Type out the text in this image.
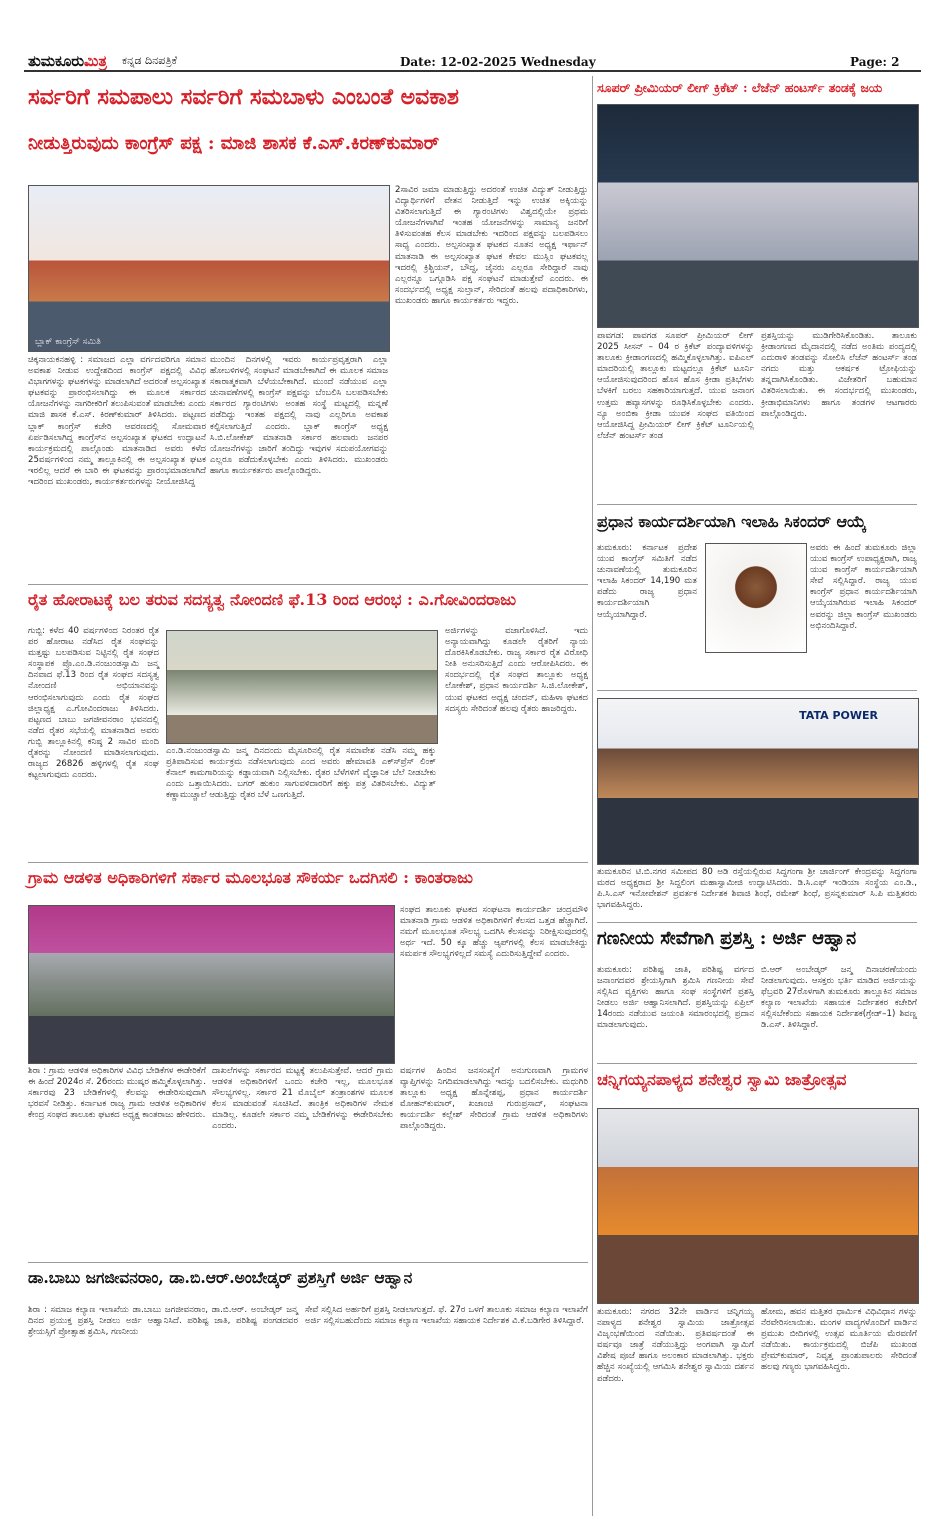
ತುಮಕೂರುಮಿತ್ರ ಕನ್ನಡ ದಿನಪತ್ರಿಕೆ	Date: 12-02-2025 Wednesday	Page: 2
ಸರ್ವರಿಗೆ ಸಮಪಾಲು ಸರ್ವರಿಗೆ ಸಮಬಾಳು ಎಂಬಂತೆ ಅವಕಾಶ
ನೀಡುತ್ತಿರುವುದು ಕಾಂಗ್ರೆಸ್ ಪಕ್ಷ : ಮಾಜಿ ಶಾಸಕ ಕೆ.ಎಸ್.ಕಿರಣ್‍ಕುಮಾರ್
ಬ್ಲಾಕ್ ಕಾಂಗ್ರೆಸ್ ಸಮಿತಿ
2ಸಾವಿರ ಜಮಾ ಮಾಡುತ್ತಿದ್ದು ಅದರಂತೆ ಉಚಿತ ವಿದ್ಯುತ್ ನೀಡುತ್ತಿದ್ದು ವಿದ್ಯಾರ್ಥಿಗಳಿಗೆ ವೇತನ ನೀಡುತ್ತಿದೆ ಇನ್ನು ಉಚಿತ ಅಕ್ಕಿಯನ್ನು ವಿತರಿಸಲಾಗುತ್ತಿದೆ ಈ ಗ್ಯಾರಂಟಿಗಳು ವಿಶ್ವದಲ್ಲಿಯೇ ಪ್ರಥಮ ಯೋಜನೆಗಳಾಗಿವೆ ಇಂತಹ ಯೋಜನೆಗಳನ್ನು ಸಾಮಾನ್ಯ ಜನರಿಗೆ ತಿಳಿಸುವಂತಹ ಕೆಲಸ ಮಾಡಬೇಕು ಇದರಿಂದ ಪಕ್ಷವನ್ನು ಬಲಪಡಿಸಲು ಸಾಧ್ಯ ಎಂದರು. ಅಲ್ಪಸಂಖ್ಯಾತ ಘಟಕದ ನೂತನ ಅಧ್ಯಕ್ಷ ಇರ್ಫಾನ್ ಮಾತನಾಡಿ ಈ ಅಲ್ಪಸಂಖ್ಯಾತ ಘಟಕ ಕೇವಲ ಮುಸ್ಲಿಂ ಘಟಕವಲ್ಲ ಇದರಲ್ಲಿ ಕ್ರಿಶ್ಚಿಯನ್, ಬೌದ್ಧ, ಜೈನರು ಎಲ್ಲರೂ ಸೇರಿದ್ದಾರೆ ನಾವು ಎಲ್ಲರನ್ನೂ ಒಗ್ಗೂಡಿಸಿ ಪಕ್ಷ ಸಂಘಟನೆ ಮಾಡುತ್ತೇವೆ ಎಂದರು. ಈ ಸಂದರ್ಭದಲ್ಲಿ ಅಧ್ಯಕ್ಷ ಸುಲ್ತಾನ್, ಸೇರಿದಂತೆ ಹಲವು ಪದಾಧಿಕಾರಿಗಳು, ಮುಖಂಡರು ಹಾಗೂ ಕಾರ್ಯಕರ್ತರು ಇದ್ದರು.
ಚಿಕ್ಕನಾಯಕನಹಳ್ಳಿ : ಸಮಾಜದ ಎಲ್ಲಾ ವರ್ಗದವರಿಗೂ ಸಮಾನ ಅವಕಾಶ ನೀಡುವ ಉದ್ದೇಶದಿಂದ ಕಾಂಗ್ರೆಸ್ ಪಕ್ಷದಲ್ಲಿ ವಿವಿಧ ವಿಭಾಗಗಳನ್ನು ಘಟಕಗಳನ್ನು ಮಾಡಲಾಗಿದೆ ಅದರಂತೆ ಅಲ್ಪಸಂಖ್ಯಾತ ಘಟಕವನ್ನು ಪ್ರಾರಂಭಿಸಲಾಗಿದ್ದು ಈ ಮೂಲಕ ಸರ್ಕಾರದ ಯೋಜನೆಗಳನ್ನು ನಾಗರೀಕರಿಗೆ ತಲುಪಿಸುವಂತೆ ಮಾಡಬೇಕು ಎಂದು ಮಾಜಿ ಶಾಸಕ ಕೆ.ಎಸ್. ಕಿರಣ್‍ಕುಮಾರ್ ತಿಳಿಸಿದರು. ಪಟ್ಟಣದ ಬ್ಲಾಕ್ ಕಾಂಗ್ರೆಸ್ ಕಚೇರಿ ಆವರಣದಲ್ಲಿ ಸೋಮವಾರ ಏರ್ಪಡಿಸಲಾಗಿದ್ದ ಕಾಂಗ್ರೆಸ್‍ನ ಅಲ್ಪಸಂಖ್ಯಾತ ಘಟಕದ ಉದ್ಘಾಟನೆ ಕಾರ್ಯಕ್ರಮದಲ್ಲಿ ಪಾಲ್ಗೊಂಡು ಮಾತನಾಡಿದ ಅವರು ಕಳೆದ 25ವರ್ಷಗಳಿಂದ ನಮ್ಮ ತಾಲ್ಲೂಕಿನಲ್ಲಿ ಈ ಅಲ್ಪಸಂಖ್ಯಾತ ಘಟಕ ಇರಲಿಲ್ಲ ಆದರೆ ಈ ಬಾರಿ ಈ ಘಟಕವನ್ನು ಪ್ರಾರಂಭಮಾಡಲಾಗಿದೆ ಇದರಿಂದ ಮುಖಂಡರು, ಕಾರ್ಯಕರ್ತರುಗಳನ್ನು ನೀಯೋಜಿಸಿದ್ದ
ಮುಂದಿನ ದಿನಗಳಲ್ಲಿ ಇವರು ಕಾರ್ಯಪ್ರವೃತ್ತರಾಗಿ ಎಲ್ಲಾ ಹೋಬಳಿಗಳಲ್ಲಿ ಸಂಘಟನೆ ಮಾಡಬೇಕಾಗಿದೆ ಈ ಮೂಲಕ ಸಮಾಜ ಸಕಾರಾತ್ಮಕವಾಗಿ ಬೆಳೆಯಬೇಕಾಗಿದೆ. ಮುಂದೆ ನಡೆಯುವ ಎಲ್ಲಾ ಚುನಾವಣೆಗಳಲ್ಲಿ ಕಾಂಗ್ರೆಸ್ ಪಕ್ಷವನ್ನು ಬೆಂಬಲಿಸಿ ಬಲಪಡಿಸಬೇಕು ಸರ್ಕಾರದ ಗ್ಯಾರಂಟಿಗಳು ಅಂತಹ ಸಂಸ್ಥೆ ಮಟ್ಟದಲ್ಲಿ ಮನ್ನಣೆ ಪಡೆದಿದ್ದು ಇಂತಹ ಪಕ್ಷದಲ್ಲಿ ನಾವು ಎಲ್ಲರಿಗೂ ಅವಕಾಶ ಕಲ್ಪಿಸಲಾಗುತ್ತಿದೆ ಎಂದರು. ಬ್ಲಾಕ್ ಕಾಂಗ್ರೆಸ್ ಅಧ್ಯಕ್ಷ ಸಿ.ಬಿ.ಲೋಕೇಶ್ ಮಾತನಾಡಿ ಸರ್ಕಾರ ಹಲವಾರು ಜನಪರ ಯೋಜನೆಗಳನ್ನು ಜಾರಿಗೆ ತಂದಿದ್ದು ಇವುಗಳ ಸದುಪಯೋಗವನ್ನು ಎಲ್ಲರೂ ಪಡೆದುಕೊಳ್ಳಬೇಕು ಎಂದು ತಿಳಿಸಿದರು. ಮುಖಂಡರು ಹಾಗೂ ಕಾರ್ಯಕರ್ತರು ಪಾಲ್ಗೊಂಡಿದ್ದರು.
ಸೂಪರ್ ಪ್ರೀಮಿಯರ್ ಲೀಗ್ ಕ್ರಿಕೆಟ್ : ಲೆಜೆನ್ ಹಂಟರ್ಸ್ ತಂಡಕ್ಕೆ ಜಯ
ಪಾವಗಡ: ಪಾವಗಡ ಸೂಪರ್ ಪ್ರೀಮಿಯರ್ ಲೀಗ್ 2025 ಸೀಸನ್ – 04 ರ ಕ್ರಿಕೆಟ್ ಪಂದ್ಯಾವಳಿಗಳನ್ನು ತಾಲೂಕು ಕ್ರೀಡಾಂಗಣದಲ್ಲಿ ಹಮ್ಮಿಕೊಳ್ಳಲಾಗಿತ್ತು. ಐಪಿಎಲ್ ಮಾದರಿಯಲ್ಲಿ ತಾಲ್ಲೂಕು ಮಟ್ಟದಲ್ಲೂ ಕ್ರಿಕೆಟ್ ಟೂರ್ನಿ ಆಯೋಜಿಸುವುದರಿಂದ ಹೊಸ ಹೊಸ ಕ್ರೀಡಾ ಪ್ರತಿಭೆಗಳು ಬೆಳಕಿಗೆ ಬರಲು ಸಹಕಾರಿಯಾಗುತ್ತದೆ. ಯುವ ಜನಾಂಗ ಉತ್ತಮ ಹವ್ಯಾಸಗಳನ್ನು ರೂಢಿಸಿಕೊಳ್ಳಬೇಕು ಎಂದರು. ನ್ಯೂ ಅಂಬಿಕಾ ಕ್ರೀಡಾ ಯುವಕ ಸಂಘದ ವತಿಯಿಂದ ಆಯೋಜಿಸಿದ್ದ ಪ್ರೀಮಿಯರ್ ಲೀಗ್ ಕ್ರಿಕೆಟ್ ಟೂರ್ನಿಯಲ್ಲಿ ಲೆಜೆನ್ ಹಂಟರ್ಸ್ ತಂಡ
ಪ್ರಶಸ್ತಿಯನ್ನು ಮುಡಿಗೇರಿಸಿಕೊಂಡಿತು. ತಾಲೂಕು ಕ್ರೀಡಾಂಗಣದ ಮೈದಾನದಲ್ಲಿ ನಡೆದ ಅಂತಿಮ ಪಂದ್ಯದಲ್ಲಿ ಎದುರಾಳಿ ತಂಡವನ್ನು ಸೋಲಿಸಿ ಲೆಜೆನ್ ಹಂಟರ್ಸ್ ತಂಡ ನಗದು ಮತ್ತು ಆಕರ್ಷಕ ಟ್ರೋಫಿಯನ್ನು ತನ್ನದಾಗಿಸಿಕೊಂಡಿತು. ವಿಜೇತರಿಗೆ ಬಹುಮಾನ ವಿತರಿಸಲಾಯಿತು. ಈ ಸಂದರ್ಭದಲ್ಲಿ ಮುಖಂಡರು, ಕ್ರೀಡಾಭಿಮಾನಿಗಳು ಹಾಗೂ ತಂಡಗಳ ಆಟಗಾರರು ಪಾಲ್ಗೊಂಡಿದ್ದರು.
ಪ್ರಧಾನ ಕಾರ್ಯದರ್ಶಿಯಾಗಿ ಇಲಾಹಿ ಸಿಕಂದರ್ ಆಯ್ಕೆ
ತುಮಕೂರು: ಕರ್ನಾಟಕ ಪ್ರದೇಶ ಯುವ ಕಾಂಗ್ರೆಸ್ ಸಮಿತಿಗೆ ನಡೆದ ಚುನಾವಣೆಯಲ್ಲಿ ತುಮಕೂರಿನ ಇಲಾಹಿ ಸಿಕಂದರ್ 14,190 ಮತ ಪಡೆದು ರಾಜ್ಯ ಪ್ರಧಾನ ಕಾರ್ಯದರ್ಶಿಯಾಗಿ ಆಯ್ಕೆಯಾಗಿದ್ದಾರೆ.
ಅವರು ಈ ಹಿಂದೆ ತುಮಕೂರು ಜಿಲ್ಲಾ ಯುವ ಕಾಂಗ್ರೆಸ್ ಉಪಾಧ್ಯಕ್ಷರಾಗಿ, ರಾಜ್ಯ ಯುವ ಕಾಂಗ್ರೆಸ್ ಕಾರ್ಯದರ್ಶಿಯಾಗಿ ಸೇವೆ ಸಲ್ಲಿಸಿದ್ದಾರೆ. ರಾಜ್ಯ ಯುವ ಕಾಂಗ್ರೆಸ್ ಪ್ರಧಾನ ಕಾರ್ಯದರ್ಶಿಯಾಗಿ ಆಯ್ಕೆಯಾಗಿರುವ ಇಲಾಹಿ ಸಿಕಂದರ್ ಅವರನ್ನು ಜಿಲ್ಲಾ ಕಾಂಗ್ರೆಸ್ ಮುಖಂಡರು ಅಭಿನಂದಿಸಿದ್ದಾರೆ.
ರೈತ ಹೋರಾಟಕ್ಕೆ ಬಲ ತರುವ ಸದಸ್ಯತ್ವ ನೋಂದಣಿ ಫೆ.13 ರಿಂದ ಆರಂಭ : ಎ.ಗೋವಿಂದರಾಜು
ಗುಬ್ಬಿ: ಕಳೆದ 40 ವರ್ಷಗಳಿಂದ ನಿರಂತರ ರೈತ ಪರ ಹೋರಾಟ ನಡೆಸಿದ ರೈತ ಸಂಘವನ್ನು ಮತ್ತಷ್ಟು ಬಲಪಡಿಸುವ ನಿಟ್ಟಿನಲ್ಲಿ ರೈತ ಸಂಘದ ಸಂಸ್ಥಾಪಕ ಪ್ರೊ.ಎಂ.ಡಿ.ನಂಜುಂಡಸ್ವಾಮಿ ಜನ್ಮ ದಿನವಾದ ಫೆ.13 ರಿಂದ ರೈತ ಸಂಘದ ಸದಸ್ಯತ್ವ ನೋಂದಣಿ ಅಭಿಯಾನವನ್ನು ಆರಂಭಿಸಲಾಗುವುದು ಎಂದು ರೈತ ಸಂಘದ ಜಿಲ್ಲಾಧ್ಯಕ್ಷ ಎ.ಗೋವಿಂದರಾಜು ತಿಳಿಸಿದರು. ಪಟ್ಟಣದ ಬಾಬು ಜಗಜೀವನರಾಂ ಭವನದಲ್ಲಿ ನಡೆದ ರೈತರ ಸಭೆಯಲ್ಲಿ ಮಾತನಾಡಿದ ಅವರು ಗುಬ್ಬಿ ತಾಲ್ಲೂಕಿನಲ್ಲಿ ಕನಿಷ್ಠ 2 ಸಾವಿರ ಮಂದಿ ರೈತರನ್ನು ನೋಂದಣಿ ಮಾಡಿಸಲಾಗುವುದು. ರಾಜ್ಯದ 26826 ಹಳ್ಳಿಗಳಲ್ಲಿ ರೈತ ಸಂಘ ಕಟ್ಟಲಾಗುವುದು ಎಂದರು.
ಅರ್ಜಿಗಳನ್ನು ವಜಾಗೊಳಿಸಿದೆ. ಇದು ಅನ್ಯಾಯವಾಗಿದ್ದು ಕೂಡಲೇ ರೈತರಿಗೆ ನ್ಯಾಯ ದೊರಕಿಸಿಕೊಡಬೇಕು. ರಾಜ್ಯ ಸರ್ಕಾರ ರೈತ ವಿರೋಧಿ ನೀತಿ ಅನುಸರಿಸುತ್ತಿದೆ ಎಂದು ಆರೋಪಿಸಿದರು. ಈ ಸಂದರ್ಭದಲ್ಲಿ ರೈತ ಸಂಘದ ತಾಲ್ಲೂಕು ಅಧ್ಯಕ್ಷ ಲೋಕೇಶ್, ಪ್ರಧಾನ ಕಾರ್ಯದರ್ಶಿ ಸಿ.ಜಿ.ಲೋಕೇಶ್, ಯುವ ಘಟಕದ ಅಧ್ಯಕ್ಷ ಚಂದನ್, ಮಹಿಳಾ ಘಟಕದ ಸದಸ್ಯರು ಸೇರಿದಂತೆ ಹಲವು ರೈತರು ಹಾಜರಿದ್ದರು.
ಎಂ.ಡಿ.ನಂಜುಂಡಸ್ವಾಮಿ ಜನ್ಮ ದಿನದಂದು ಮೈಸೂರಿನಲ್ಲಿ ರೈತ ಸಮಾವೇಶ ನಡೆಸಿ ನಮ್ಮ ಹಕ್ಕು ಪ್ರತಿಪಾದಿಸುವ ಕಾರ್ಯಕ್ರಮ ನಡೆಸಲಾಗುವುದು ಎಂದ ಅವರು ಹೇಮಾವತಿ ಎಕ್ಸ್‍ಪ್ರೆಸ್ ಲಿಂಕ್ ಕೆನಾಲ್ ಕಾಮಗಾರಿಯನ್ನು ಕಡ್ಡಾಯವಾಗಿ ನಿಲ್ಲಿಸಬೇಕು. ರೈತರ ಬೆಳೆಗಳಿಗೆ ವೈಜ್ಞಾನಿಕ ಬೆಲೆ ನೀಡಬೇಕು ಎಂದು ಒತ್ತಾಯಿಸಿದರು. ಬಗರ್ ಹುಕುಂ ಸಾಗುವಳಿದಾರರಿಗೆ ಹಕ್ಕು ಪತ್ರ ವಿತರಿಸಬೇಕು. ವಿದ್ಯುತ್ ಕಣ್ಣಾಮುಚ್ಚಾಲೆ ಆಡುತ್ತಿದ್ದು ರೈತರ ಬೆಳೆ ಒಣಗುತ್ತಿದೆ.
TATA POWER
ತುಮಕೂರಿನ ಟಿ.ಬಿ.ನಗರ ಸಮೀಪದ 80 ಅಡಿ ರಸ್ತೆಯಲ್ಲಿರುವ ಸಿದ್ದಗಂಗಾ ಶ್ರೀ ಚಾರ್ಜಿಂಗ್ ಕೇಂದ್ರವನ್ನು ಸಿದ್ದಗಂಗಾ ಮಠದ ಅಧ್ಯಕ್ಷರಾದ ಶ್ರೀ ಸಿದ್ದಲಿಂಗ ಮಹಾಸ್ವಾಮೀಜಿ ಉದ್ಘಾಟಿಸಿದರು. ಡಿ.ಸಿ.ಎಫ್ ಇಂಡಿಯಾ ಸಂಸ್ಥೆಯ ಎಂ.ಡಿ., ಪಿ.ಸಿ.ಎಸ್ ಇನೋವೇಶನ್ ಪ್ರವರ್ತಕ ನಿರ್ದೇಶಕ ಶಿವಾಜಿ ಶಿಂಧೆ, ರಮೇಶ್ ಶಿಂಧೆ, ಪ್ರಸನ್ನಕುಮಾರ್ ಸಿ.ಪಿ ಮತ್ತಿತರರು ಭಾಗವಹಿಸಿದ್ದರು.
ಗಣನೀಯ ಸೇವೆಗಾಗಿ ಪ್ರಶಸ್ತಿ : ಅರ್ಜಿ ಆಹ್ವಾನ
ತುಮಕೂರು: ಪರಿಶಿಷ್ಟ ಜಾತಿ, ಪರಿಶಿಷ್ಟ ವರ್ಗದ ಜನಾಂಗದವರ ಶ್ರೇಯಸ್ಸಿಗಾಗಿ ಶ್ರಮಿಸಿ ಗಣನೀಯ ಸೇವೆ ಸಲ್ಲಿಸಿದ ವ್ಯಕ್ತಿಗಳು ಹಾಗೂ ಸಂಘ ಸಂಸ್ಥೆಗಳಿಗೆ ಪ್ರಶಸ್ತಿ ನೀಡಲು ಅರ್ಜಿ ಆಹ್ವಾನಿಸಲಾಗಿದೆ. ಪ್ರಶಸ್ತಿಯನ್ನು ಏಪ್ರಿಲ್ 14ರಂದು ನಡೆಯುವ ಜಯಂತಿ ಸಮಾರಂಭದಲ್ಲಿ ಪ್ರದಾನ ಮಾಡಲಾಗುವುದು.
ಬಿ.ಆರ್ ಅಂಬೇಡ್ಕರ್ ಜನ್ಮ ದಿನಾಚರಣೆಯಂದು ನೀಡಲಾಗುವುದು. ಆಸಕ್ತರು ಭರ್ತಿ ಮಾಡಿದ ಅರ್ಜಿಯನ್ನು ಫೆಬ್ರವರಿ 27ರೊಳಗಾಗಿ ತುಮಕೂರು ತಾಲ್ಲೂಕಿನ ಸಮಾಜ ಕಲ್ಯಾಣ ಇಲಾಖೆಯ ಸಹಾಯಕ ನಿರ್ದೇಶಕರ ಕಚೇರಿಗೆ ಸಲ್ಲಿಸಬೇಕೆಂದು ಸಹಾಯಕ ನಿರ್ದೇಶಕ(ಗ್ರೇಡ್–1) ಶಿವಣ್ಣ ಡಿ.ಎಸ್. ತಿಳಿಸಿದ್ದಾರೆ.
ಗ್ರಾಮ ಆಡಳಿತ ಅಧಿಕಾರಿಗಳಿಗೆ ಸರ್ಕಾರ ಮೂಲಭೂತ ಸೌಕರ್ಯ ಒದಗಿಸಲಿ : ಕಾಂತರಾಜು
ಸಂಘದ ತಾಲೂಕು ಘಟಕದ ಸಂಘಟನಾ ಕಾರ್ಯದರ್ಶಿ ಚಂದ್ರಮೌಳಿ ಮಾತನಾಡಿ ಗ್ರಾಮ ಆಡಳಿತ ಅಧಿಕಾರಿಗಳಿಗೆ ಕೆಲಸದ ಒತ್ತಡ ಹೆಚ್ಚಾಗಿದೆ. ನಮಗೆ ಮೂಲಭೂತ ಸೌಲಭ್ಯ ಒದಗಿಸಿ ಕೆಲಸವನ್ನು ನಿರೀಕ್ಷಿಸುವುದರಲ್ಲಿ ಅರ್ಥ ಇದೆ. 50 ಕ್ಕೂ ಹೆಚ್ಚು ಆ್ಯಪ್‍ಗಳಲ್ಲಿ ಕೆಲಸ ಮಾಡಬೇಕಿದ್ದು ಸಮರ್ಪಕ ಸೌಲಭ್ಯಗಳಿಲ್ಲದೆ ಸಮಸ್ಯೆ ಎದುರಿಸುತ್ತಿದ್ದೇವೆ ಎಂದರು.
ಶಿರಾ : ಗ್ರಾಮ ಆಡಳಿತ ಅಧಿಕಾರಿಗಳ ವಿವಿಧ ಬೇಡಿಕೆಗಳ ಈಡೇರಿಕೆಗೆ ಈ ಹಿಂದೆ 2024ರ ಸೆ. 26ರಂದು ಮುಷ್ಕರ ಹಮ್ಮಿಕೊಳ್ಳಲಾಗಿತ್ತು. ಸರ್ಕಾರವು 23 ಬೇಡಿಕೆಗಳಲ್ಲಿ ಕೆಲವನ್ನು ಈಡೇರಿಸುವುದಾಗಿ ಭರವಸೆ ನೀಡಿತ್ತು. ಕರ್ನಾಟಕ ರಾಜ್ಯ ಗ್ರಾಮ ಆಡಳಿತ ಅಧಿಕಾರಿಗಳ ಕೇಂದ್ರ ಸಂಘದ ತಾಲೂಕು ಘಟಕದ ಅಧ್ಯಕ್ಷ ಕಾಂತರಾಜು ಹೇಳಿದರು.
ದಾಖಲೆಗಳನ್ನು ಸರ್ಕಾರದ ಮಟ್ಟಕ್ಕೆ ತಲುಪಿಸುತ್ತೇವೆ. ಆದರೆ ಗ್ರಾಮ ಆಡಳಿತ ಅಧಿಕಾರಿಗಳಿಗೆ ಒಂದು ಕಚೇರಿ ಇಲ್ಲ, ಮೂಲಭೂತ ಸೌಲಭ್ಯಗಳಿಲ್ಲ. ಸರ್ಕಾರ 21 ಮೊಬೈಲ್ ತಂತ್ರಾಂಶಗಳ ಮೂಲಕ ಕೆಲಸ ಮಾಡುವಂತೆ ಸೂಚಿಸಿದೆ. ತಾಂತ್ರಿಕ ಅಧಿಕಾರಿಗಳ ನೇಮಕ ಮಾಡಿಲ್ಲ. ಕೂಡಲೇ ಸರ್ಕಾರ ನಮ್ಮ ಬೇಡಿಕೆಗಳನ್ನು ಈಡೇರಿಸಬೇಕು ಎಂದರು.
ವರ್ಷಗಳ ಹಿಂದಿನ ಜನಸಂಖ್ಯೆಗೆ ಅನುಗುಣವಾಗಿ ಗ್ರಾಮಗಳ ವ್ಯಾಪ್ತಿಗಳನ್ನು ನಿಗದಿಮಾಡಲಾಗಿದ್ದು ಇದನ್ನು ಬದಲಿಸಬೇಕು. ಮಧುಗಿರಿ ತಾಲ್ಲೂಕು ಅಧ್ಯಕ್ಷ ಹೊನ್ನೇಶಪ್ಪ, ಪ್ರಧಾನ ಕಾರ್ಯದರ್ಶಿ ಮೋಹನ್‍ಕುಮಾರ್, ಖಜಾಂಚಿ ಗುರುಪ್ರಸಾದ್, ಸಂಘಟನಾ ಕಾರ್ಯದರ್ಶಿ ಕಲ್ಲೇಶ್ ಸೇರಿದಂತೆ ಗ್ರಾಮ ಆಡಳಿತ ಅಧಿಕಾರಿಗಳು ಪಾಲ್ಗೊಂಡಿದ್ದರು.
ಡಾ.ಬಾಬು ಜಗಜೀವನರಾಂ, ಡಾ.ಬಿ.ಆರ್.ಅಂಬೇಡ್ಕರ್ ಪ್ರಶಸ್ತಿಗೆ ಅರ್ಜಿ ಆಹ್ವಾನ
ಶಿರಾ : ಸಮಾಜ ಕಲ್ಯಾಣ ಇಲಾಖೆಯ ಡಾ.ಬಾಬು ಜಗಜೀವನರಾಂ, ಡಾ.ಬಿ.ಆರ್. ಅಂಬೇಡ್ಕರ್ ಜನ್ಮ ದಿನದ ಪ್ರಯುಕ್ತ ಪ್ರಶಸ್ತಿ ನೀಡಲು ಅರ್ಜಿ ಆಹ್ವಾನಿಸಿದೆ. ಪರಿಶಿಷ್ಟ ಜಾತಿ, ಪರಿಶಿಷ್ಟ ಪಂಗಡದವರ ಶ್ರೇಯಸ್ಸಿಗೆ ಪ್ರೋತ್ಸಾಹ ಶ್ರಮಿಸಿ, ಗಣನೀಯ
ಸೇವೆ ಸಲ್ಲಿಸಿದ ಅರ್ಹರಿಗೆ ಪ್ರಶಸ್ತಿ ನೀಡಲಾಗುತ್ತದೆ. ಫೆ. 27ರ ಒಳಗೆ ತಾಲೂಕು ಸಮಾಜ ಕಲ್ಯಾಣ ಇಲಾಖೆಗೆ ಅರ್ಜಿ ಸಲ್ಲಿಸಬಹುದೆಂದು ಸಮಾಜ ಕಲ್ಯಾಣ ಇಲಾಖೆಯ ಸಹಾಯಕ ನಿರ್ದೇಶಕ ವಿ.ಕೆ.ಬಡಿಗೇರ ತಿಳಿಸಿದ್ದಾರೆ.
ಚನ್ನಿಗಯ್ಯನಪಾಳ್ಯದ ಶನೇಶ್ವರ ಸ್ವಾಮಿ ಜಾತ್ರೋತ್ಸವ
ತುಮಕೂರು: ನಗರದ 32ನೇ ವಾರ್ಡಿನ ಚನ್ನಿಗಯ್ಯ ನಪಾಳ್ಯದ ಶನೇಶ್ವರ ಸ್ವಾಮಿಯ ಜಾತ್ರೋತ್ಸವ ವಿಜೃಂಭಣೆಯಿಂದ ನಡೆಯಿತು. ಪ್ರತಿವರ್ಷದಂತೆ ಈ ವರ್ಷವೂ ಜಾತ್ರೆ ನಡೆಯುತ್ತಿದ್ದು ಅಂಗವಾಗಿ ಸ್ವಾಮಿಗೆ ವಿಶೇಷ ಪೂಜೆ ಹಾಗೂ ಅಲಂಕಾರ ಮಾಡಲಾಗಿತ್ತು. ಭಕ್ತರು ಹೆಚ್ಚಿನ ಸಂಖ್ಯೆಯಲ್ಲಿ ಆಗಮಿಸಿ ಶನೇಶ್ವರ ಸ್ವಾಮಿಯ ದರ್ಶನ ಪಡೆದರು.
ಹೋಮ, ಹವನ ಮತ್ತಿತರ ಧಾರ್ಮಿಕ ವಿಧಿವಿಧಾನ ಗಳನ್ನು ನೆರವೇರಿಸಲಾಯಿತು. ಮಂಗಳ ವಾದ್ಯಗಳೊಂದಿಗೆ ವಾರ್ಡಿನ ಪ್ರಮುಖ ಬೀದಿಗಳಲ್ಲಿ ಉತ್ಸವ ಮೂರ್ತಿಯ ಮೆರವಣಿಗೆ ನಡೆಯಿತು. ಕಾರ್ಯಕ್ರಮದಲ್ಲಿ ಬಿಜೆಪಿ ಮುಖಂಡ ಪ್ರೇಮ್‍ಕುಮಾರ್, ನಿವೃತ್ತ ಪ್ರಾಂಶುಪಾಲರು ಸೇರಿದಂತೆ ಹಲವು ಗಣ್ಯರು ಭಾಗವಹಿಸಿದ್ದರು.
